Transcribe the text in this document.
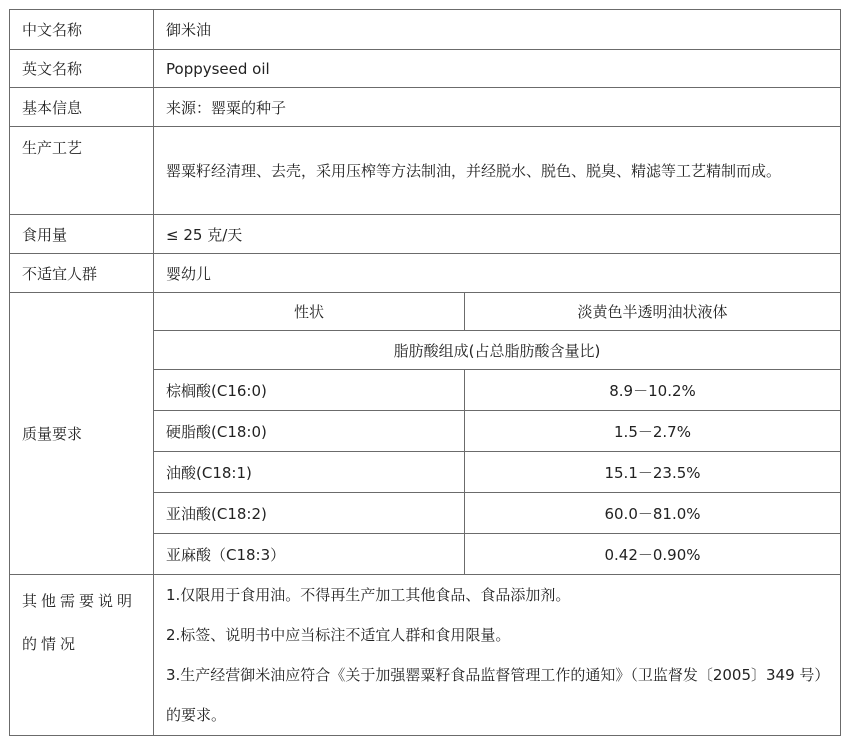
中文名称	御米油	
英文名称	Poppyseed oil	
基本信息	来源：罂粟的种子	
生产工艺	罂粟籽经清理、去壳，采用压榨等方法制油，并经脱水、脱色、脱臭、精滤等工艺精制而成。	
食用量	≤ 25 克/天	
不适宜人群	婴幼儿	
质量要求	性状	淡黄色半透明油状液体
	脂肪酸组成(占总脂肪酸含量比)	
	棕榈酸(C16:0)	8.9－10.2%
	硬脂酸(C18:0)	1.5－2.7%
	油酸(C18:1)	15.1－23.5%
	亚油酸(C18:2)	60.0－81.0%
	亚麻酸（C18:3）	0.42－0.90%
其他需要说明的情况	1.仅限用于食用油。不得再生产加工其他食品、食品添加剂。
2.标签、说明书中应当标注不适宜人群和食用限量。
3.生产经营御米油应符合《关于加强罂粟籽食品监督管理工作的通知》（卫监督发〔2005〕349 号）的要求。	
